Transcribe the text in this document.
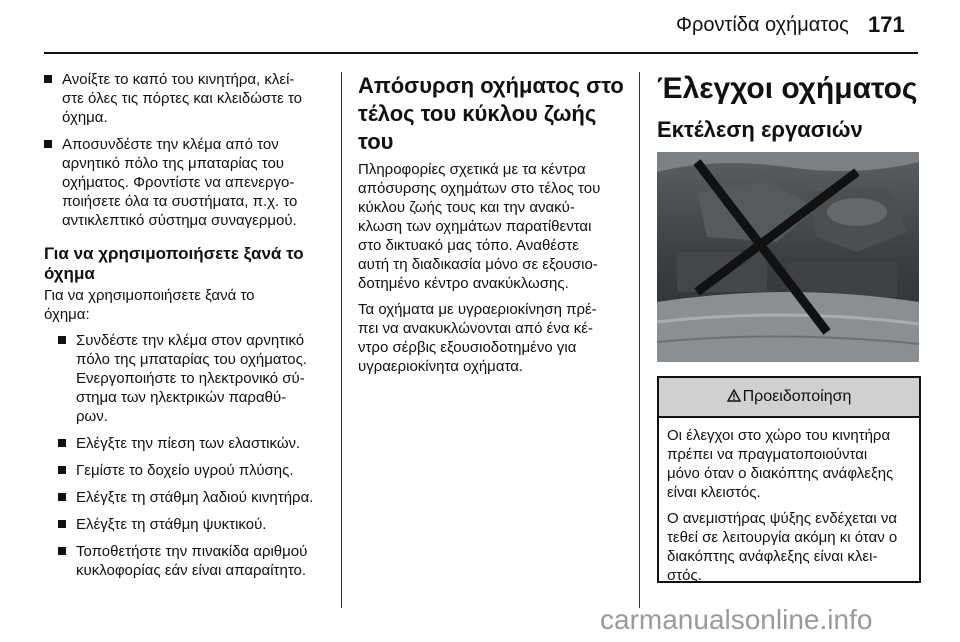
Φροντίδα οχήματος 171
Ανοίξτε το καπό του κινητήρα, κλεί-
στε όλες τις πόρτες και κλειδώστε το
όχημα.
Αποσυνδέστε την κλέμα από τον
αρνητικό πόλο της μπαταρίας του
οχήματος. Φροντίστε να απενεργο-
ποιήσετε όλα τα συστήματα, π.χ. το
αντικλεπτικό σύστημα συναγερμού.
Για να χρησιμοποιήσετε ξανά το
όχημα

Για να χρησιμοποιήσετε ξανά το
όχημα:

Συνδέστε την κλέμα στον αρνητικό
πόλο της μπαταρίας του οχήματος.
Ενεργοποιήστε το ηλεκτρονικό σύ-
στημα των ηλεκτρικών παραθύ-
ρων.
Ελέγξτε την πίεση των ελαστικών.
Γεμίστε το δοχείο υγρού πλύσης.
Ελέγξτε τη στάθμη λαδιού κινητήρα.
Ελέγξτε τη στάθμη ψυκτικού.
Τοποθετήστε την πινακίδα αριθμού
κυκλοφορίας εάν είναι απαραίτητο.
Απόσυρση οχήματος στο
τέλος του κύκλου ζωής του

Πληροφορίες σχετικά με τα κέντρα
απόσυρσης οχημάτων στο τέλος του
κύκλου ζωής τους και την ανακύ-
κλωση των οχημάτων παρατίθενται
στο δικτυακό μας τόπο. Αναθέστε
αυτή τη διαδικασία μόνο σε εξουσιο-
δοτημένο κέντρο ανακύκλωσης.

Τα οχήματα με υγραεριοκίνηση πρέ-
πει να ανακυκλώνονται από ένα κέ-
ντρο σέρβις εξουσιοδοτημένο για
υγραεριοκίνητα οχήματα.

Έλεγχοι οχήματος
Εκτέλεση εργασιών
Προειδοποίηση

Οι έλεγχοι στο χώρο του κινητήρα
πρέπει να πραγματοποιούνται
μόνο όταν ο διακόπτης ανάφλεξης
είναι κλειστός.

Ο ανεμιστήρας ψύξης ενδέχεται να
τεθεί σε λειτουργία ακόμη κι όταν ο
διακόπτης ανάφλεξης είναι κλει-
στός.

carmanualsonline.info
